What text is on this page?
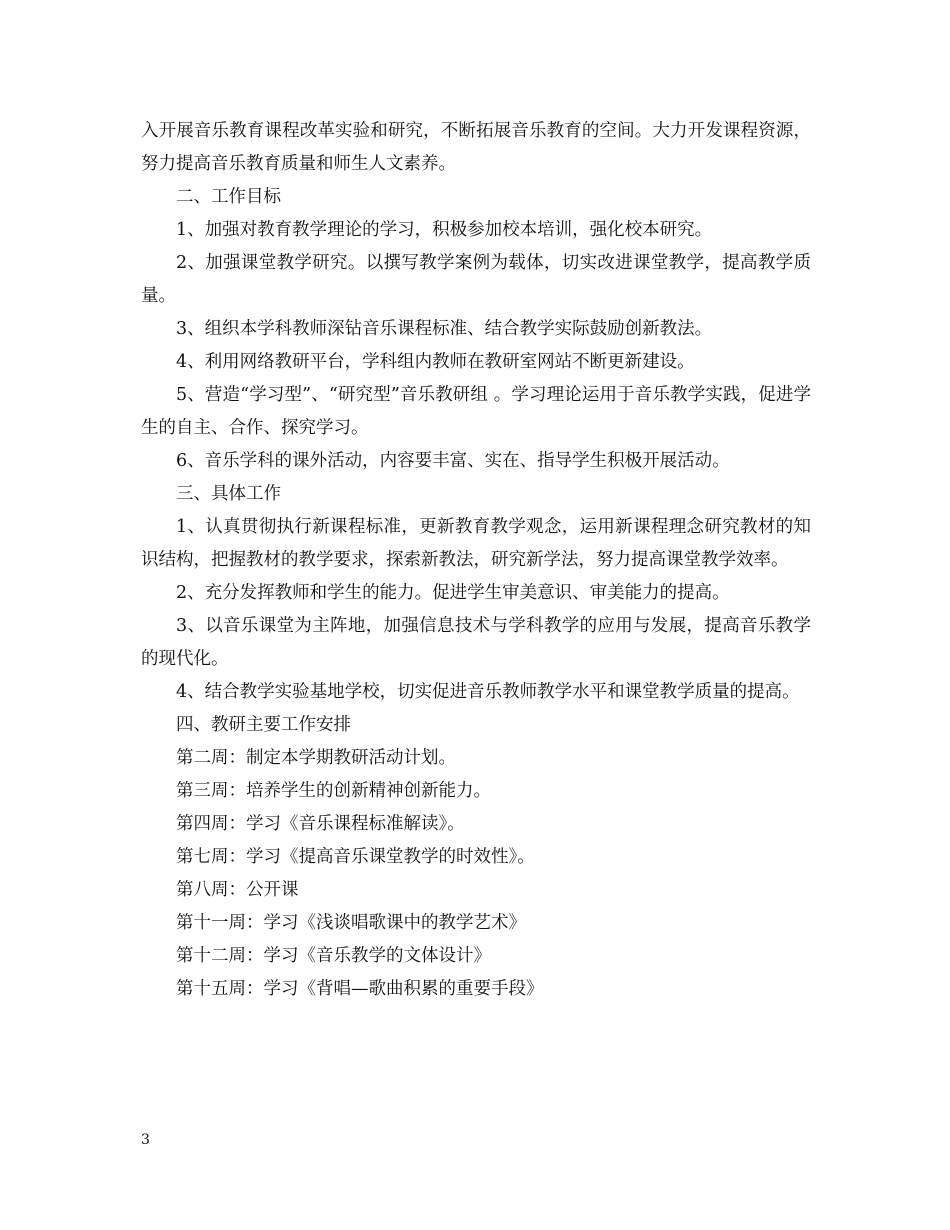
入开展音乐教育课程改革实验和研究，不断拓展音乐教育的空间。大力开发课程资源，努力提高音乐教育质量和师生人文素养。

二、工作目标

1、加强对教育教学理论的学习，积极参加校本培训，强化校本研究。

2、加强课堂教学研究。以撰写教学案例为载体，切实改进课堂教学，提高教学质量。

3、组织本学科教师深钻音乐课程标准、结合教学实际鼓励创新教法。

4、利用网络教研平台，学科组内教师在教研室网站不断更新建设。

5、营造“学习型”、“研究型”音乐教研组 。学习理论运用于音乐教学实践，促进学生的自主、合作、探究学习。

6、音乐学科的课外活动，内容要丰富、实在、指导学生积极开展活动。

三、具体工作

1、认真贯彻执行新课程标准，更新教育教学观念，运用新课程理念研究教材的知识结构，把握教材的教学要求，探索新教法，研究新学法，努力提高课堂教学效率。

2、充分发挥教师和学生的能力。促进学生审美意识、审美能力的提高。

3、以音乐课堂为主阵地，加强信息技术与学科教学的应用与发展，提高音乐教学的现代化。

4、结合教学实验基地学校，切实促进音乐教师教学水平和课堂教学质量的提高。

四、教研主要工作安排

第二周：制定本学期教研活动计划。

第三周：培养学生的创新精神创新能力。

第四周：学习《音乐课程标准解读》。

第七周：学习《提高音乐课堂教学的时效性》。

第八周：公开课

第十一周：学习《浅谈唱歌课中的教学艺术》

第十二周：学习《音乐教学的文体设计》

第十五周：学习《背唱—歌曲积累的重要手段》

3
